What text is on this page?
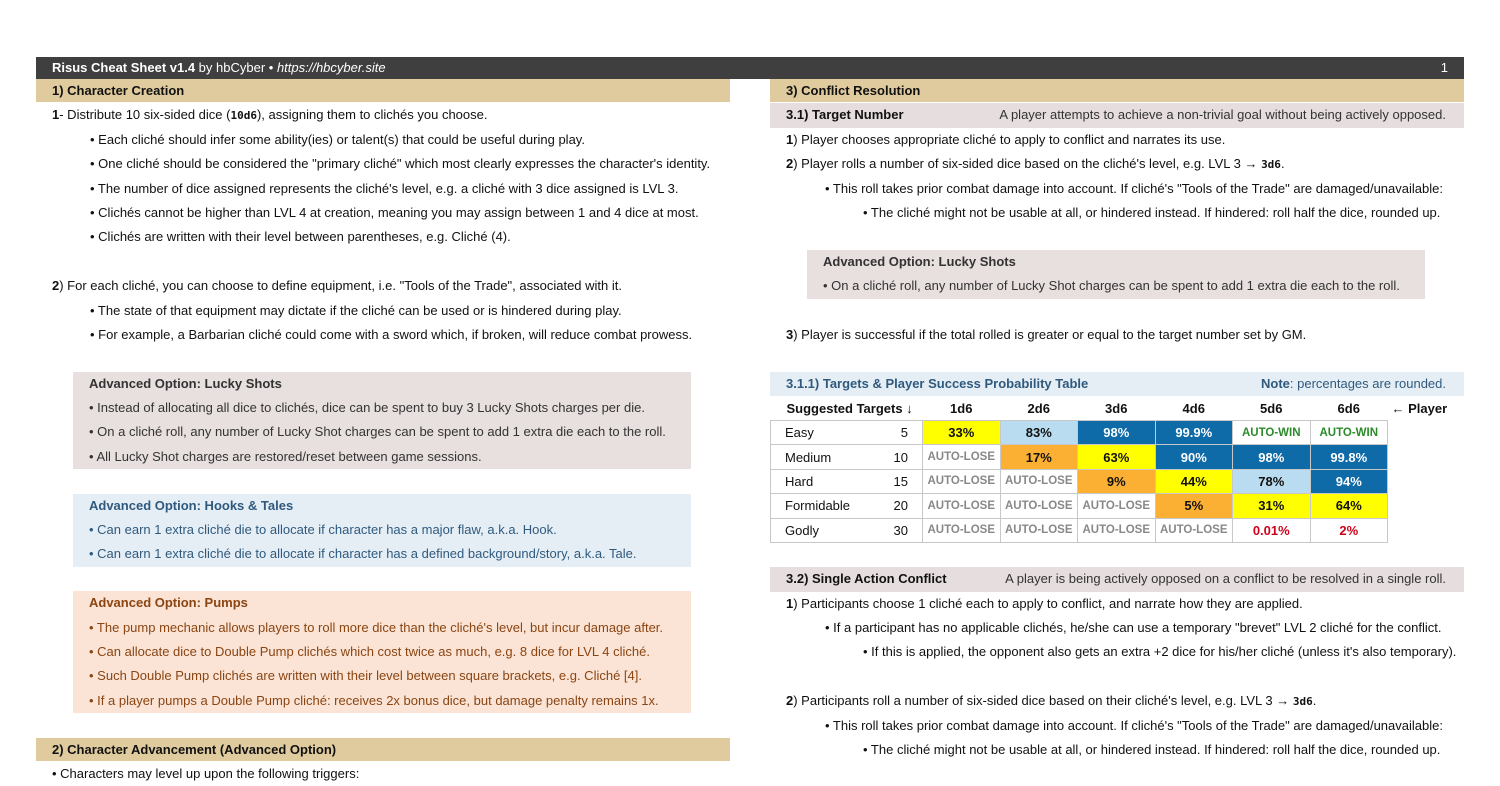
Risus Cheat Sheet v1.4 by hbCyber • https://hbcyber.site	1
1) Character Creation
1- Distribute 10 six-sided dice (10d6), assigning them to clichés you choose.
• Each cliché should infer some ability(ies) or talent(s) that could be useful during play.
• One cliché should be considered the "primary cliché" which most clearly expresses the character's identity.
• The number of dice assigned represents the cliché's level, e.g. a cliché with 3 dice assigned is LVL 3.
• Clichés cannot be higher than LVL 4 at creation, meaning you may assign between 1 and 4 dice at most.
• Clichés are written with their level between parentheses, e.g. Cliché (4).
2) For each cliché, you can choose to define equipment, i.e. "Tools of the Trade", associated with it.
• The state of that equipment may dictate if the cliché can be used or is hindered during play.
• For example, a Barbarian cliché could come with a sword which, if broken, will reduce combat prowess.
Advanced Option: Lucky Shots
• Instead of allocating all dice to clichés, dice can be spent to buy 3 Lucky Shots charges per die.
• On a cliché roll, any number of Lucky Shot charges can be spent to add 1 extra die each to the roll.
• All Lucky Shot charges are restored/reset between game sessions.
Advanced Option: Hooks & Tales
• Can earn 1 extra cliché die to allocate if character has a major flaw, a.k.a. Hook.
• Can earn 1 extra cliché die to allocate if character has a defined background/story, a.k.a. Tale.
Advanced Option: Pumps
• The pump mechanic allows players to roll more dice than the cliché's level, but incur damage after.
• Can allocate dice to Double Pump clichés which cost twice as much, e.g. 8 dice for LVL 4 cliché.
• Such Double Pump clichés are written with their level between square brackets, e.g. Cliché [4].
• If a player pumps a Double Pump cliché: receives 2x bonus dice, but damage penalty remains 1x.
2) Character Advancement (Advanced Option)
• Characters may level up upon the following triggers:
3) Conflict Resolution
3.1) Target Number	A player attempts to achieve a non-trivial goal without being actively opposed.
1) Player chooses appropriate cliché to apply to conflict and narrates its use.
2) Player rolls a number of six-sided dice based on the cliché's level, e.g. LVL 3 → 3d6.
• This roll takes prior combat damage into account. If cliché's "Tools of the Trade" are damaged/unavailable:
• The cliché might not be usable at all, or hindered instead. If hindered: roll half the dice, rounded up.
Advanced Option: Lucky Shots
• On a cliché roll, any number of Lucky Shot charges can be spent to add 1 extra die each to the roll.
3) Player is successful if the total rolled is greater or equal to the target number set by GM.
3.1.1) Targets & Player Success Probability Table	Note: percentages are rounded.
Suggested Targets ↓	1d6	2d6	3d6	4d6	5d6	6d6	← Player

Easy 5	33%	83%	98%	99.9%	AUTO-WIN	AUTO-WIN	

Medium 10	AUTO-LOSE	17%	63%	90%	98%	99.8%	

Hard 15	AUTO-LOSE	AUTO-LOSE	9%	44%	78%	94%	

Formidable 20	AUTO-LOSE	AUTO-LOSE	AUTO-LOSE	5%	31%	64%	

Godly 30	AUTO-LOSE	AUTO-LOSE	AUTO-LOSE	AUTO-LOSE	0.01%	2%	
3.2) Single Action Conflict	A player is being actively opposed on a conflict to be resolved in a single roll.
1) Participants choose 1 cliché each to apply to conflict, and narrate how they are applied.
• If a participant has no applicable clichés, he/she can use a temporary "brevet" LVL 2 cliché for the conflict.
• If this is applied, the opponent also gets an extra +2 dice for his/her cliché (unless it's also temporary).
2) Participants roll a number of six-sided dice based on their cliché's level, e.g. LVL 3 → 3d6.
• This roll takes prior combat damage into account. If cliché's "Tools of the Trade" are damaged/unavailable:
• The cliché might not be usable at all, or hindered instead. If hindered: roll half the dice, rounded up.
